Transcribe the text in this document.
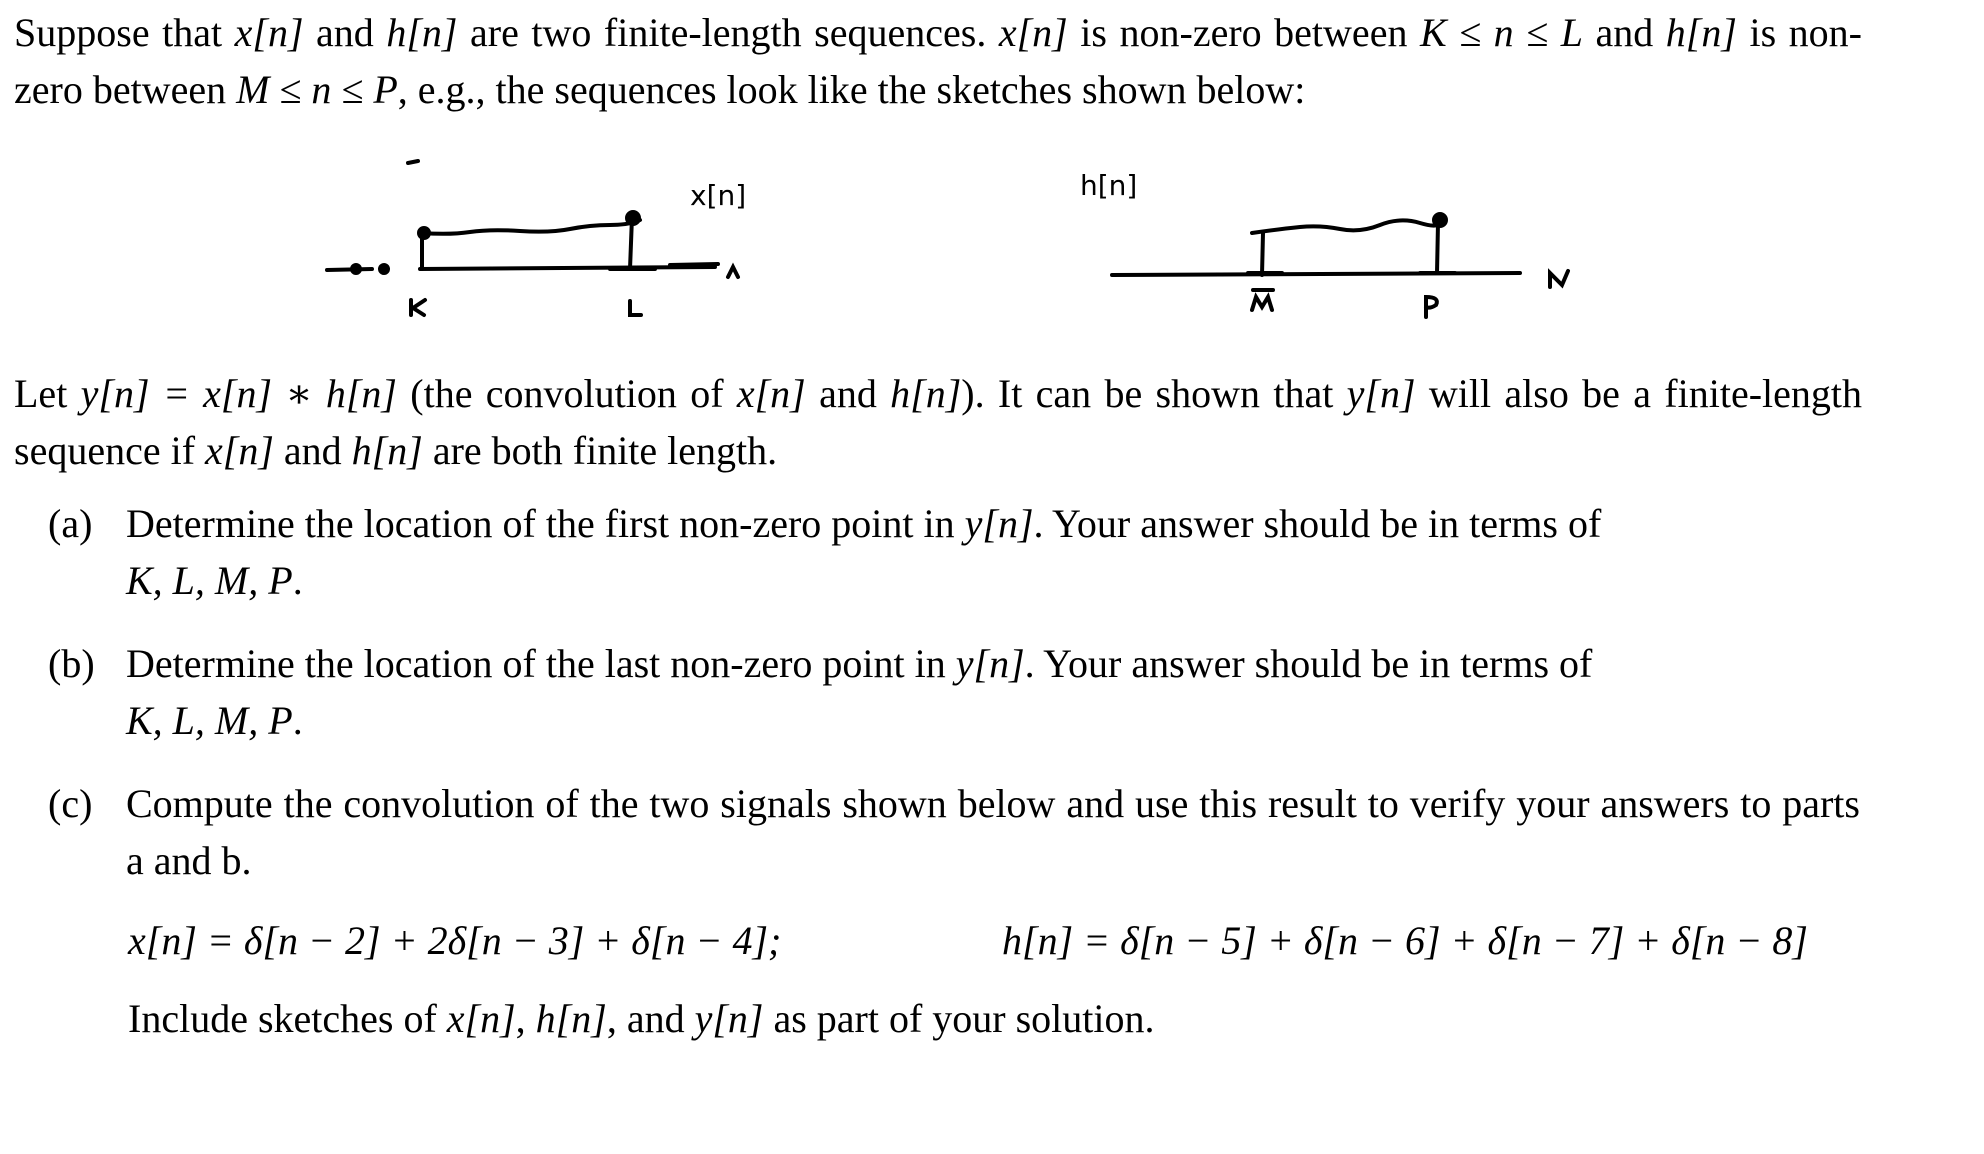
Suppose that x[n] and h[n] are two finite-length sequences. x[n] is non-zero between K ≤ n ≤ L and h[n] is non-zero between M ≤ n ≤ P, e.g., the sequences look like the sketches shown below:
x[n]	h[n]
Let y[n] = x[n] ∗ h[n] (the convolution of x[n] and h[n]). It can be shown that y[n] will also be a finite-length sequence if x[n] and h[n] are both finite length.
(a) Determine the location of the first non-zero point in y[n]. Your answer should be in terms of
K, L, M, P.
(b) Determine the location of the last non-zero point in y[n]. Your answer should be in terms of
K, L, M, P.
(c) Compute the convolution of the two signals shown below and use this result to verify your answers to parts a and b.
x[n] = δ[n − 2] + 2δ[n − 3] + δ[n − 4];	h[n] = δ[n − 5] + δ[n − 6] + δ[n − 7] + δ[n − 8]
Include sketches of x[n], h[n], and y[n] as part of your solution.
